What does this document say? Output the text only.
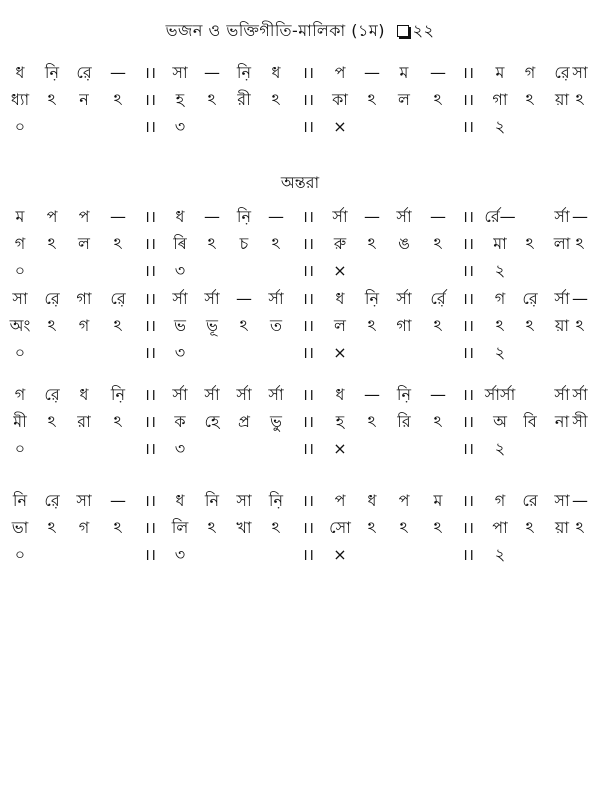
ভজন ও ভক্তিগীতি-মালিকা (১ম) ২২
ধ নি় রে় — ।। সা — নি় ধ ।। প — ম — ।। ম গ রে় সা
ধ্যা ঽ ন ঽ ।। হ ঽ রী ঽ ।। কা ঽ ল ঽ ।। গা ঽ য়া ঽ
০	।। ৩	।। ×	।। ২
অন্তরা
ম প প — ।। ধ — নি় — ।। র্সা — র্সা — ।। র্রে— র্সা —
গ ঽ ল ঽ ।। ৰি ঽ চ ঽ ।। রু ঽ ঙ ঽ ।। মা ঽ লা ঽ
০	।। ৩	।। ×	।। ২
সা রে় গা রে় ।। র্সা র্সা — র্সা ।। ধ নি় র্সা র্রে় ।। গ রে় র্সা —
অং ঽ গ ঽ ।। ভ ভূ ঽ ত ।। ল ঽ গা ঽ ।। ঽ ঽ য়া ঽ
০	।। ৩	।। ×	।। ২
গ রে় ধ নি় ।। র্সা র্সা র্সা র্সা ।। ধ — নি় — ।। র্সার্সা র্সা র্সা
মী ঽ রা ঽ ।। ক হে প্র ভু ।। হ ঽ রি ঽ ।। অ বি না সী
০	।। ৩	।। ×	।। ২
নি রে় সা — ।। ধ নি সা নি় ।। প ধ প ম ।। গ রে সা —
ভা ঽ গ ঽ ।। লি ঽ খা ঽ ।। সো ঽ ঽ ঽ ।। পা ঽ য়া ঽ
০	।। ৩	।। ×	।। ২
